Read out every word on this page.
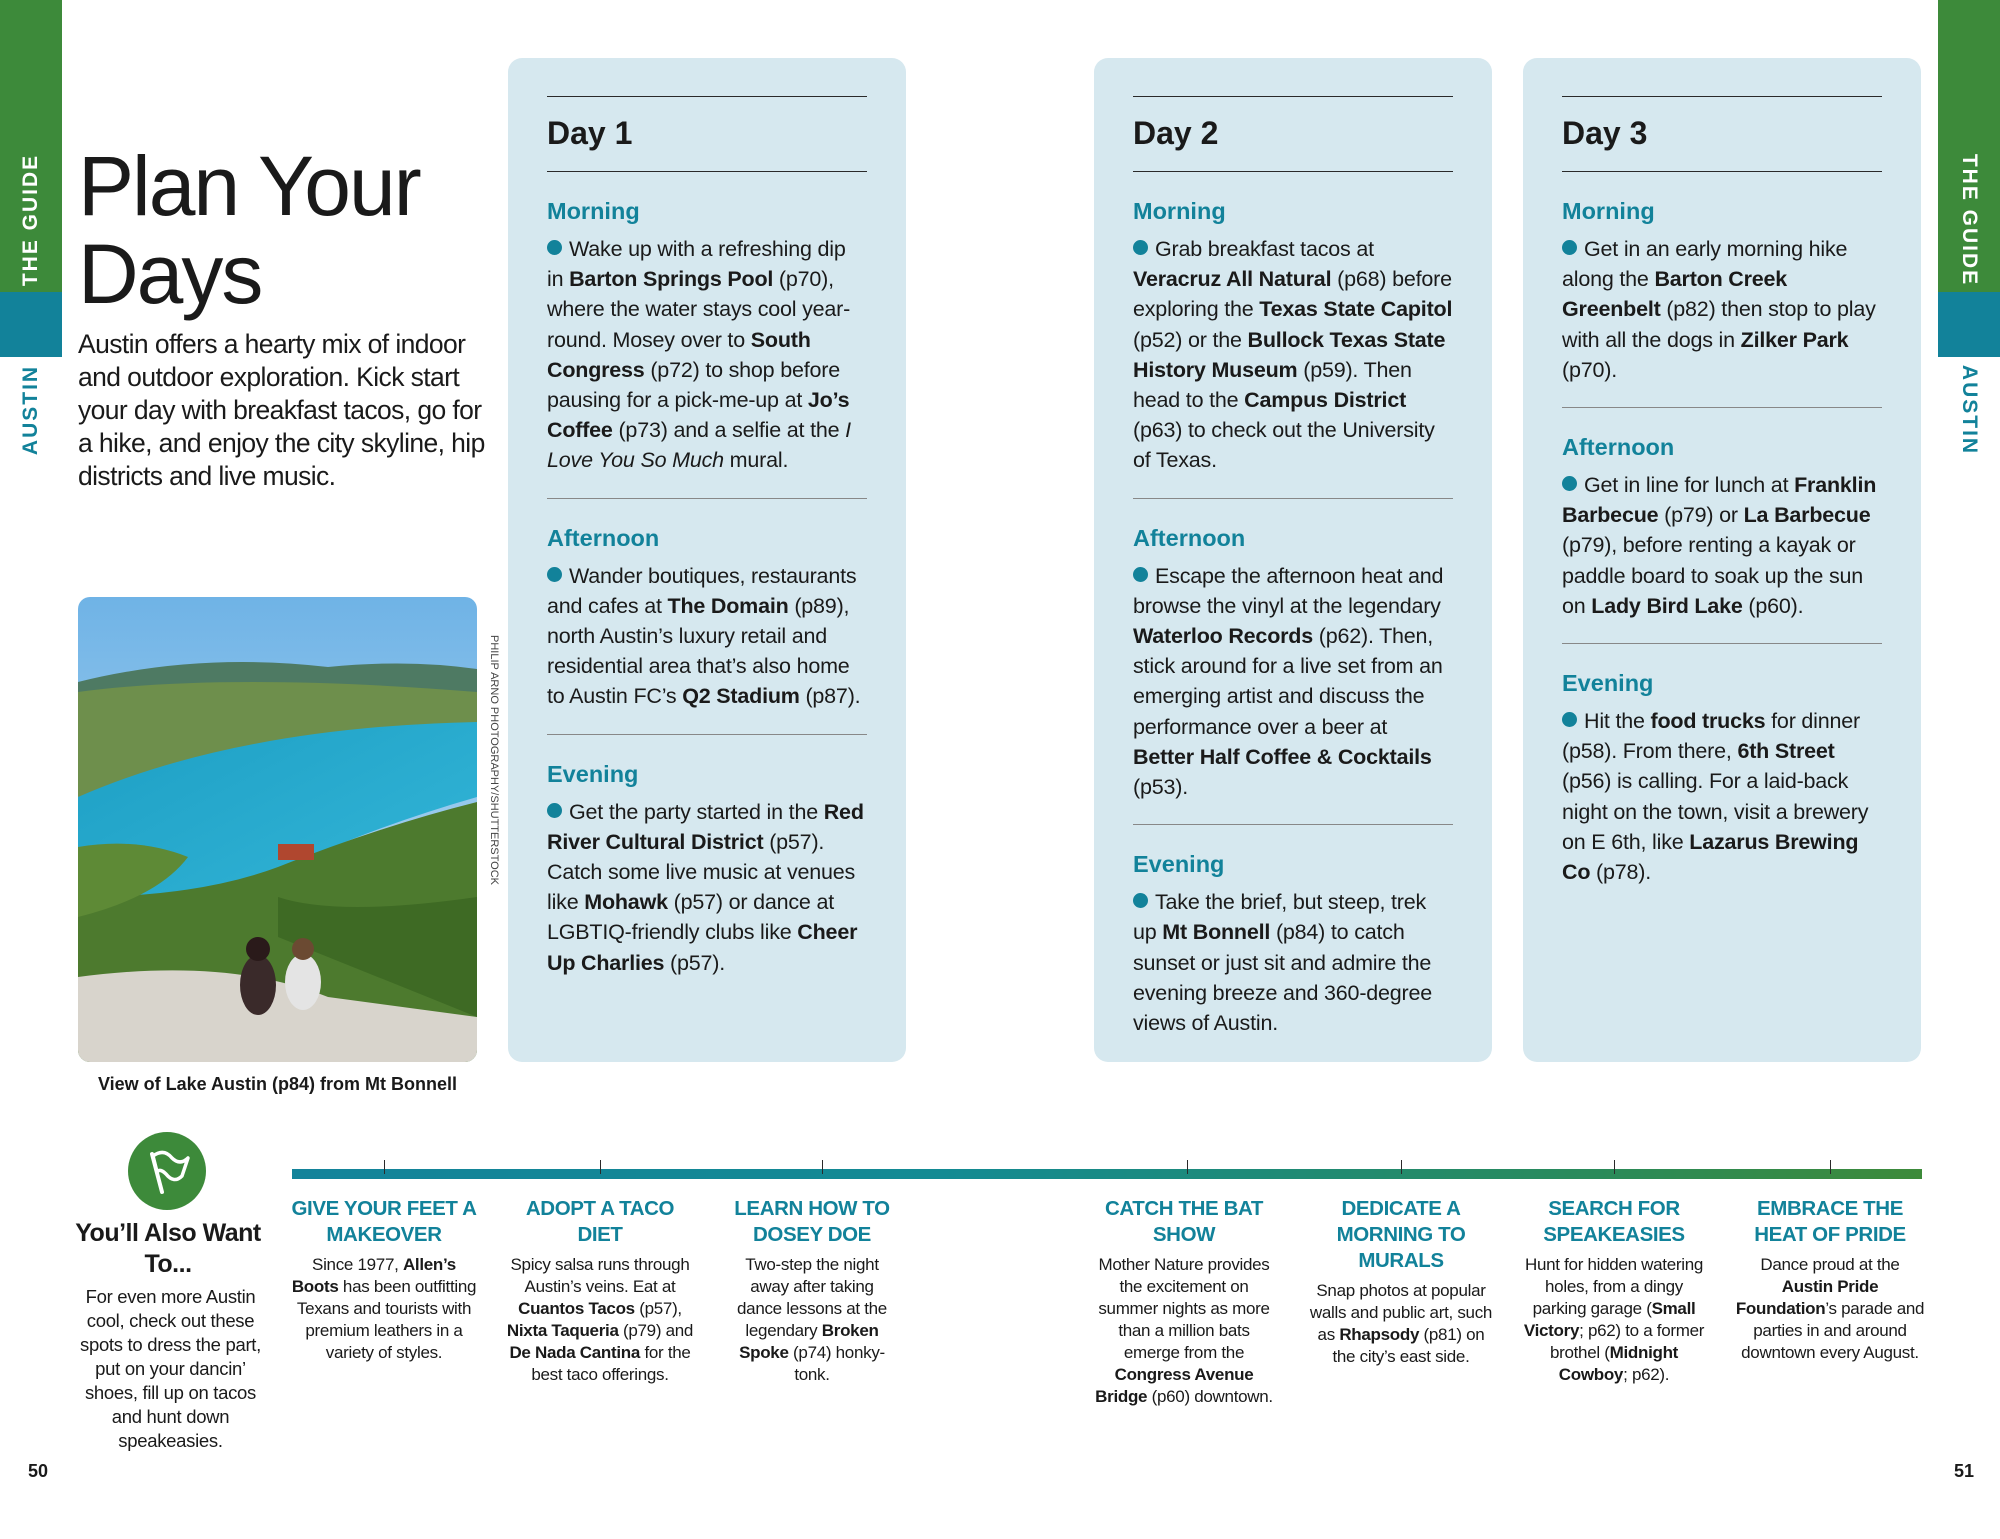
THE GUIDE
AUSTIN
THE GUIDE
AUSTIN
Plan Your Days

Austin offers a hearty mix of indoor and outdoor exploration. Kick start your day with breakfast tacos, go for a hike, and enjoy the city skyline, hip districts and live music.

PHILIP ARNO PHOTOGRAPHY/SHUTTERSTOCK
View of Lake Austin (p84) from Mt Bonnell
Day 1
Morning
Wake up with a refreshing dip in Barton Springs Pool (p70), where the water stays cool year-round. Mosey over to South Congress (p72) to shop before pausing for a pick-me-up at Jo’s Coffee (p73) and a selfie at the I Love You So Much mural.
Afternoon
Wander boutiques, restaurants and cafes at The Domain (p89), north Austin’s luxury retail and residential area that’s also home to Austin FC’s Q2 Stadium (p87).
Evening
Get the party started in the Red River Cultural District (p57). Catch some live music at venues like Mohawk (p57) or dance at LGBTIQ-friendly clubs like Cheer Up Charlies (p57).
Day 2
Morning
Grab breakfast tacos at Veracruz All Natural (p68) before exploring the Texas State Capitol (p52) or the Bullock Texas State History Museum (p59). Then head to the Campus District (p63) to check out the University of Texas.
Afternoon
Escape the afternoon heat and browse the vinyl at the legendary Waterloo Records (p62). Then, stick around for a live set from an emerging artist and discuss the performance over a beer at Better Half Coffee & Cocktails (p53).
Evening
Take the brief, but steep, trek up Mt Bonnell (p84) to catch sunset or just sit and admire the evening breeze and 360-degree views of Austin.
Day 3
Morning
Get in an early morning hike along the Barton Creek Greenbelt (p82) then stop to play with all the dogs in Zilker Park (p70).
Afternoon
Get in line for lunch at Franklin Barbecue (p79) or La Barbecue (p79), before renting a kayak or paddle board to soak up the sun on Lady Bird Lake (p60).
Evening
Hit the food trucks for dinner (p58). From there, 6th Street (p56) is calling. For a laid-back night on the town, visit a brewery on E 6th, like Lazarus Brewing Co (p78).
You’ll Also Want To...
For even more Austin cool, check out these spots to dress the part, put on your dancin’ shoes, fill up on tacos and hunt down speakeasies.
GIVE YOUR FEET A MAKEOVER
Since 1977, Allen’s Boots has been outfitting Texans and tourists with premium leathers in a variety of styles.
ADOPT A TACO DIET
Spicy salsa runs through Austin’s veins. Eat at Cuantos Tacos (p57), Nixta Taqueria (p79) and De Nada Cantina for the best taco offerings.
LEARN HOW TO DOSEY DOE
Two-step the night away after taking dance lessons at the legendary Broken Spoke (p74) honky-tonk.
CATCH THE BAT SHOW
Mother Nature provides the excitement on summer nights as more than a million bats emerge from the Congress Avenue Bridge (p60) downtown.
DEDICATE A MORNING TO MURALS
Snap photos at popular walls and public art, such as Rhapsody (p81) on the city’s east side.
SEARCH FOR SPEAKEASIES
Hunt for hidden watering holes, from a dingy parking garage (Small Victory; p62) to a former brothel (Midnight Cowboy; p62).
EMBRACE THE HEAT OF PRIDE
Dance proud at the Austin Pride Foundation’s parade and parties in and around downtown every August.
50	51
